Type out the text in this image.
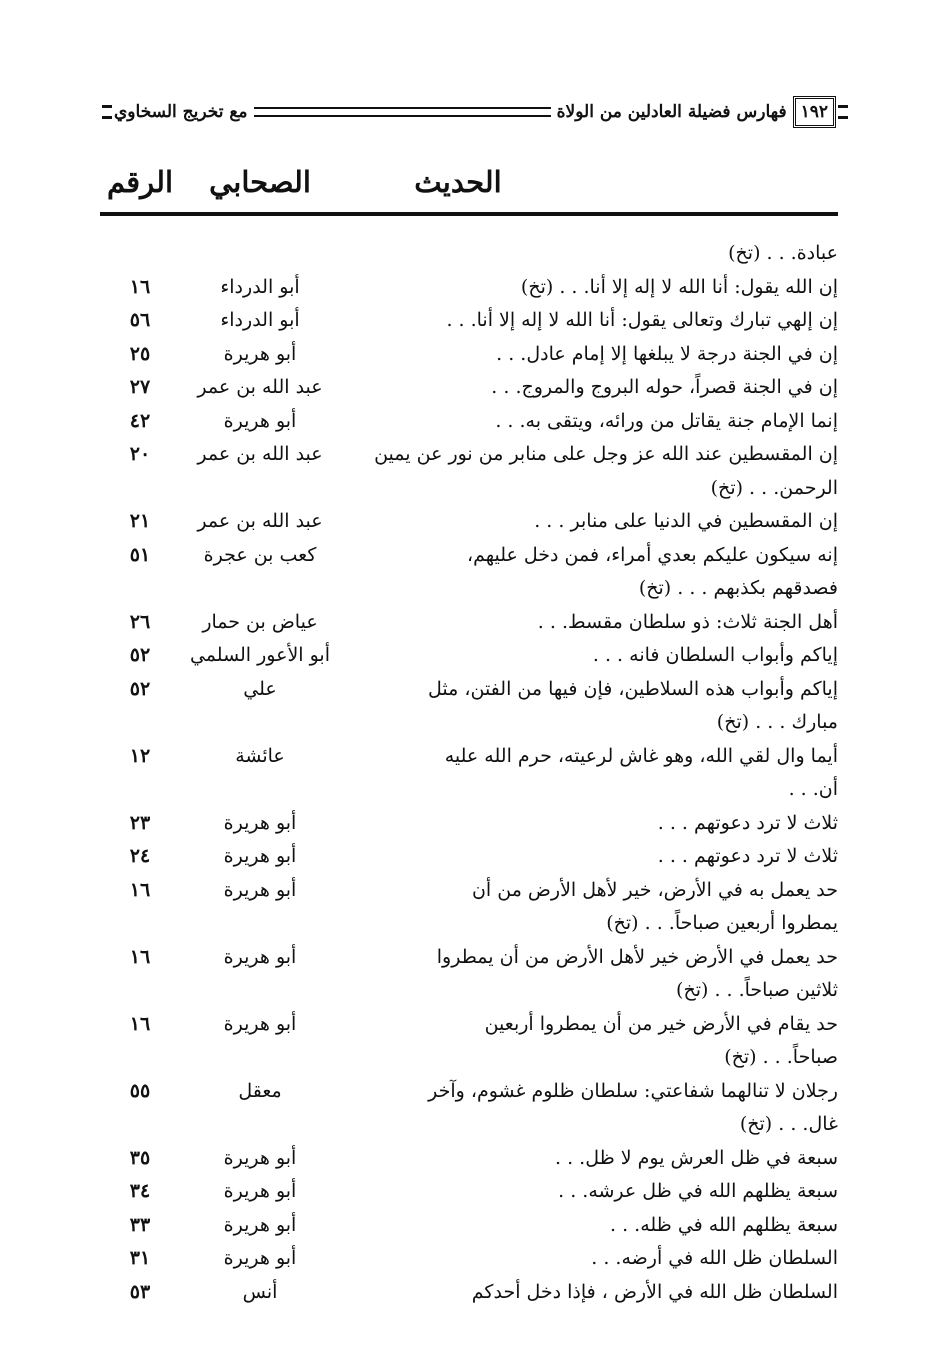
١٩٢
فهارس فضيلة العادلين من الولاة
مع تخريج السخاوي
الحديث
الصحابي
الرقم
عبادة. . . (تخ)
إن الله يقول: أنا الله لا إله إلا أنا. . . (تخ)
أبو الدرداء
١٦
إن إلهي تبارك وتعالى يقول: أنا الله لا إله إلا أنا. . .
أبو الدرداء
٥٦
إن في الجنة درجة لا يبلغها إلا إمام عادل. . .
أبو هريرة
٢٥
إن في الجنة قصراً، حوله البروج والمروج. . .
عبد الله بن عمر
٢٧
إنما الإمام جنة يقاتل من ورائه، ويتقى به. . .
أبو هريرة
٤٢
إن المقسطين عند الله عز وجل على منابر من نور عن يمين
الرحمن. . . (تخ)
عبد الله بن عمر
٢٠
إن المقسطين في الدنيا على منابر . . .
عبد الله بن عمر
٢١
إنه سيكون عليكم بعدي أمراء، فمن دخل عليهم،
فصدقهم بكذبهم . . . (تخ)
كعب بن عجرة
٥١
أهل الجنة ثلاث: ذو سلطان مقسط. . .
عياض بن حمار
٢٦
إياكم وأبواب السلطان فانه . . .
أبو الأعور السلمي
٥٢
إياكم وأبواب هذه السلاطين، فإن فيها من الفتن، مثل
مبارك . . . (تخ)
علي
٥٢
أيما وال لقي الله، وهو غاش لرعيته، حرم الله عليه
أن. . .
عائشة
١٢
ثلاث لا ترد دعوتهم . . .
أبو هريرة
٢٣
ثلاث لا ترد دعوتهم . . .
أبو هريرة
٢٤
حد يعمل به في الأرض، خير لأهل الأرض من أن
يمطروا أربعين صباحاً. . . (تخ)
أبو هريرة
١٦
حد يعمل في الأرض خير لأهل الأرض من أن يمطروا
ثلاثين صباحاً. . . (تخ)
أبو هريرة
١٦
حد يقام في الأرض خير من أن يمطروا أربعين
صباحاً. . . (تخ)
أبو هريرة
١٦
رجلان لا تنالهما شفاعتي: سلطان ظلوم غشوم، وآخر
غال. . . (تخ)
معقل
٥٥
سبعة في ظل العرش يوم لا ظل. . .
أبو هريرة
٣٥
سبعة يظلهم الله في ظل عرشه. . .
أبو هريرة
٣٤
سبعة يظلهم الله في ظله. . .
أبو هريرة
٣٣
السلطان ظل الله في أرضه. . .
أبو هريرة
٣١
السلطان ظل الله في الأرض ، فإذا دخل أحدكم
أنس
٥٣
